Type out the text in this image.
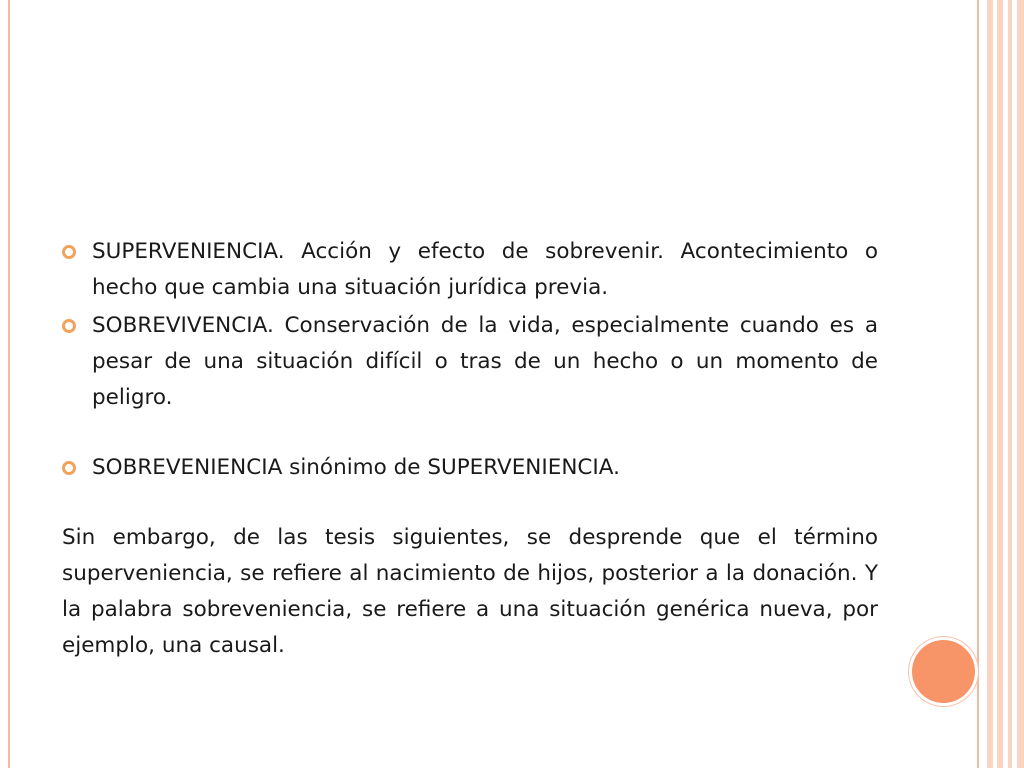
SUPERVENIENCIA. Acción y efecto de sobrevenir. Acontecimiento o hecho que cambia una situación jurídica previa.
SOBREVIVENCIA. Conservación de la vida, especialmente cuando es a pesar de una situación difícil o tras de un hecho o un momento de peligro.
SOBREVENIENCIA sinónimo de SUPERVENIENCIA.
Sin embargo, de las tesis siguientes, se desprende que el término superveniencia, se refiere al nacimiento de hijos, posterior a la donación. Y la palabra sobreveniencia, se refiere a una situación genérica nueva, por ejemplo, una causal.
